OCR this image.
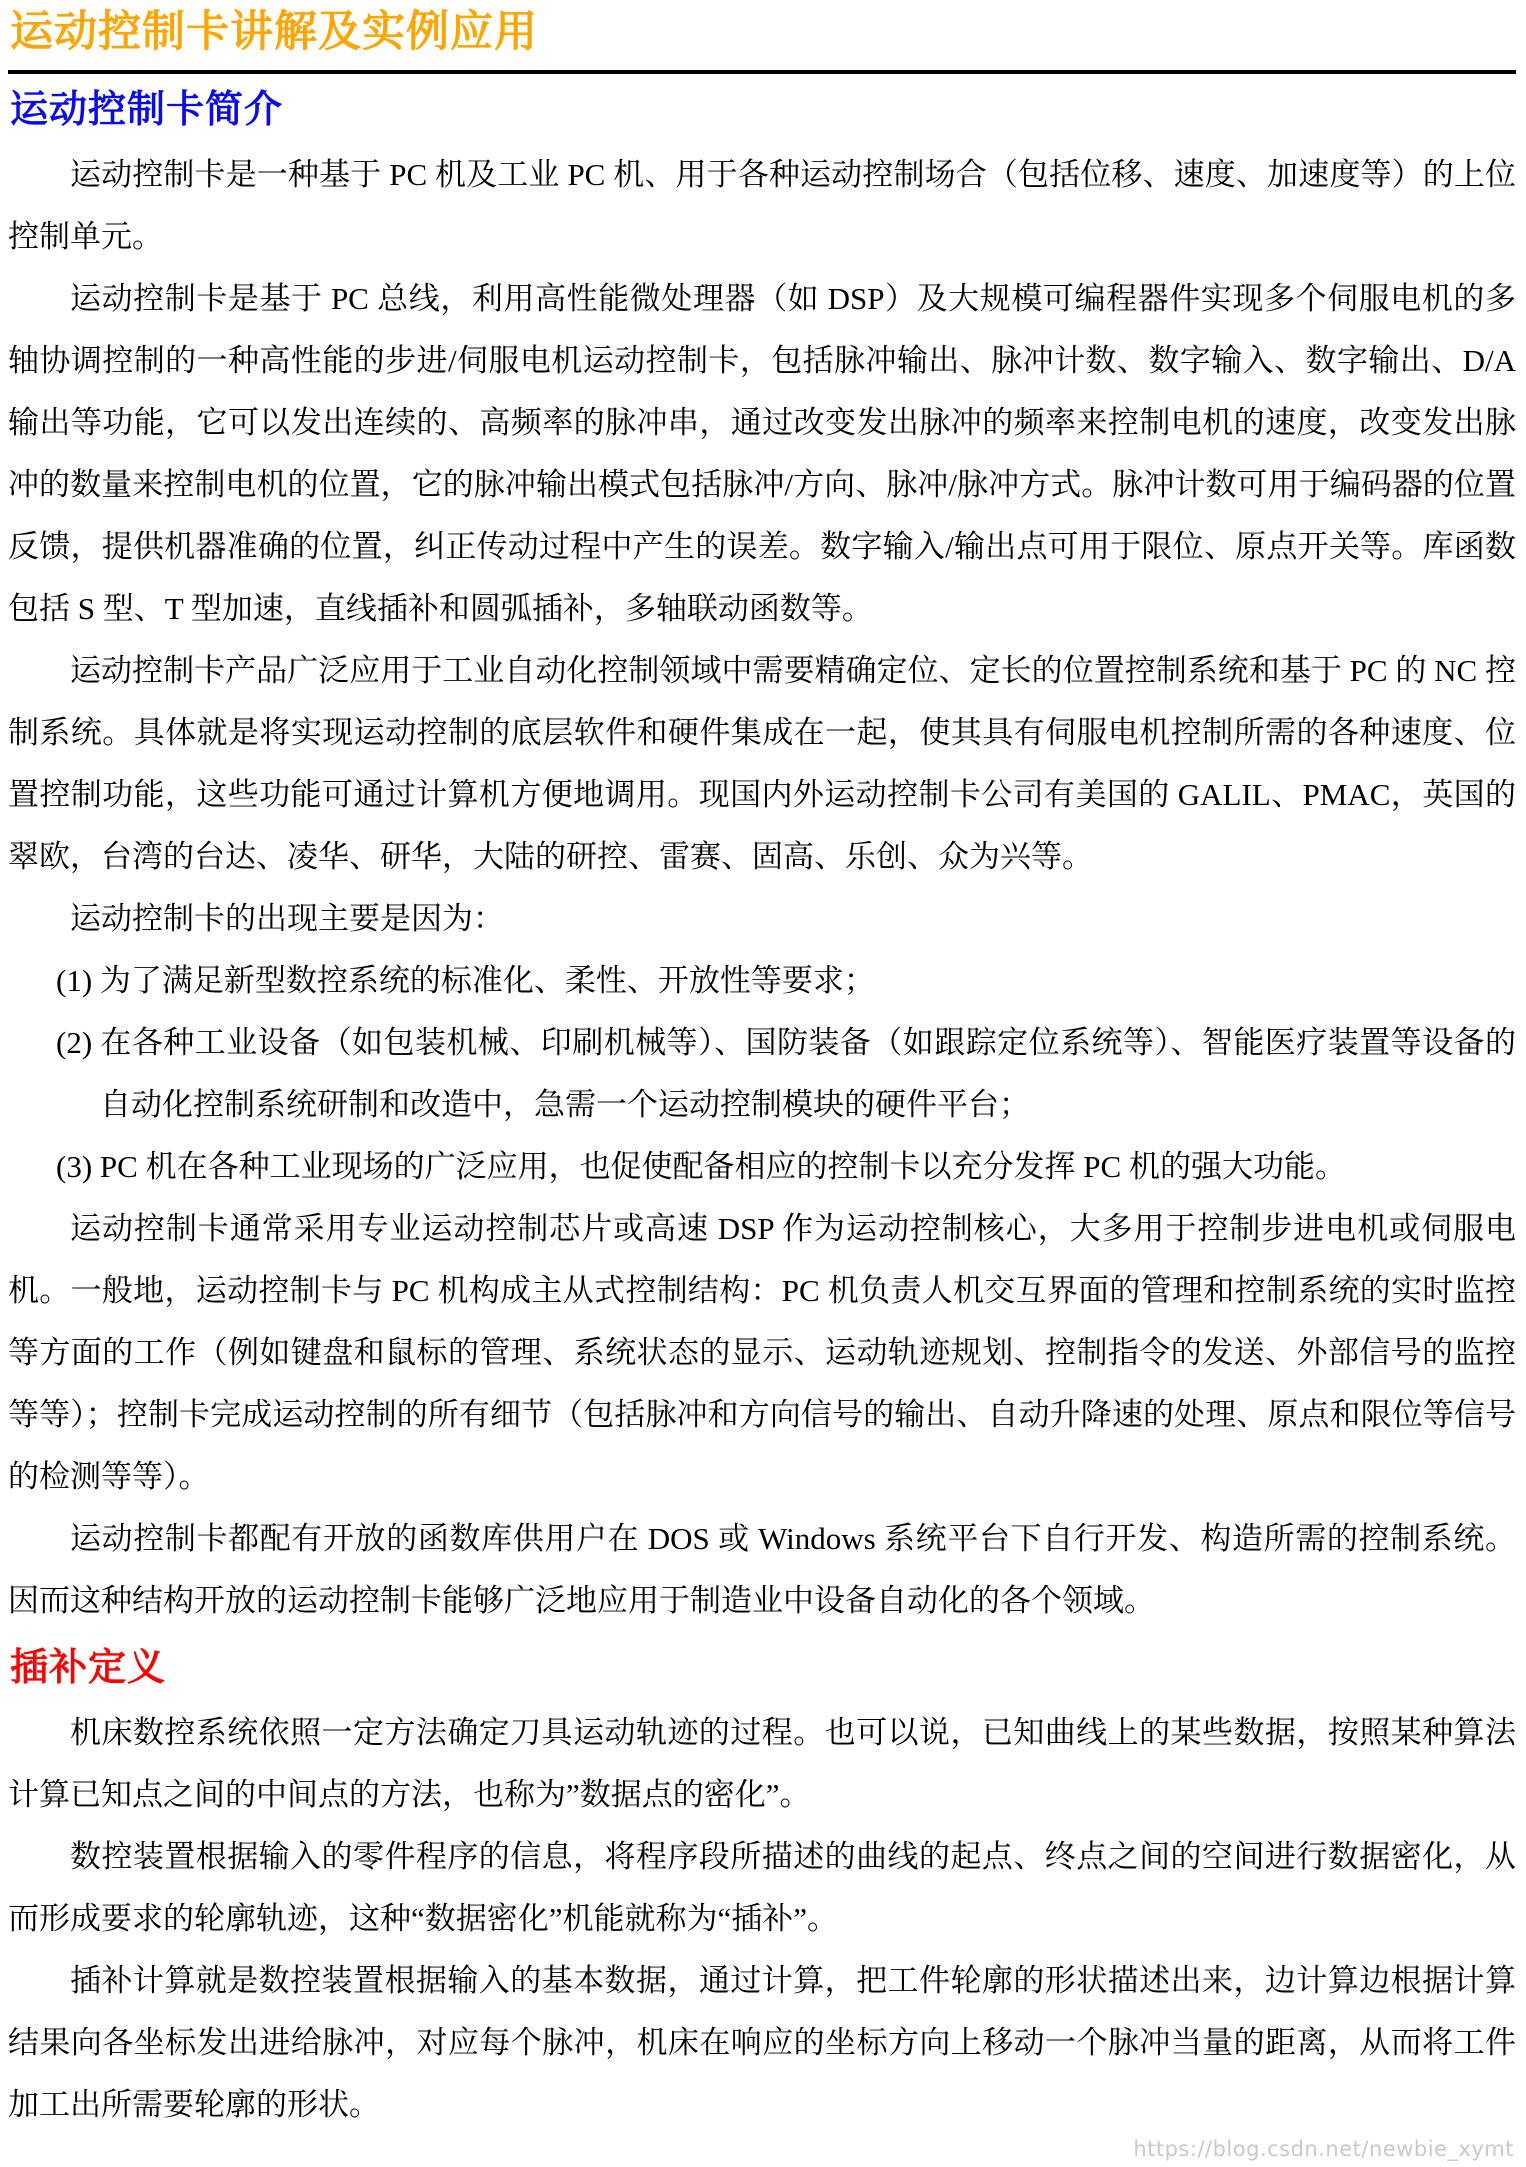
运动控制卡讲解及实例应用
运动控制卡简介

运动控制卡是一种基于 PC 机及工业 PC 机、用于各种运动控制场合（包括位移、速度、加速度等）的上位控制单元。

运动控制卡是基于 PC 总线，利用高性能微处理器（如 DSP）及大规模可编程器件实现多个伺服电机的多轴协调控制的一种高性能的步进/伺服电机运动控制卡，包括脉冲输出、脉冲计数、数字输入、数字输出、D/A 输出等功能，它可以发出连续的、高频率的脉冲串，通过改变发出脉冲的频率来控制电机的速度，改变发出脉冲的数量来控制电机的位置，它的脉冲输出模式包括脉冲/方向、脉冲/脉冲方式。脉冲计数可用于编码器的位置反馈，提供机器准确的位置，纠正传动过程中产生的误差。数字输入/输出点可用于限位、原点开关等。库函数包括 S 型、T 型加速，直线插补和圆弧插补，多轴联动函数等。

运动控制卡产品广泛应用于工业自动化控制领域中需要精确定位、定长的位置控制系统和基于 PC 的 NC 控制系统。具体就是将实现运动控制的底层软件和硬件集成在一起，使其具有伺服电机控制所需的各种速度、位置控制功能，这些功能可通过计算机方便地调用。现国内外运动控制卡公司有美国的 GALIL、PMAC，英国的翠欧，台湾的台达、凌华、研华，大陆的研控、雷赛、固高、乐创、众为兴等。

运动控制卡的出现主要是因为：

(1) 为了满足新型数控系统的标准化、柔性、开放性等要求；

(2) 在各种工业设备（如包装机械、印刷机械等）、国防装备（如跟踪定位系统等）、智能医疗装置等设备的自动化控制系统研制和改造中，急需一个运动控制模块的硬件平台；

(3) PC 机在各种工业现场的广泛应用，也促使配备相应的控制卡以充分发挥 PC 机的强大功能。

运动控制卡通常采用专业运动控制芯片或高速 DSP 作为运动控制核心，大多用于控制步进电机或伺服电机。一般地，运动控制卡与 PC 机构成主从式控制结构：PC 机负责人机交互界面的管理和控制系统的实时监控等方面的工作（例如键盘和鼠标的管理、系统状态的显示、运动轨迹规划、控制指令的发送、外部信号的监控等等）；控制卡完成运动控制的所有细节（包括脉冲和方向信号的输出、自动升降速的处理、原点和限位等信号的检测等等）。

运动控制卡都配有开放的函数库供用户在 DOS 或 Windows 系统平台下自行开发、构造所需的控制系统。因而这种结构开放的运动控制卡能够广泛地应用于制造业中设备自动化的各个领域。

插补定义

机床数控系统依照一定方法确定刀具运动轨迹的过程。也可以说，已知曲线上的某些数据，按照某种算法计算已知点之间的中间点的方法，也称为”数据点的密化”。

数控装置根据输入的零件程序的信息，将程序段所描述的曲线的起点、终点之间的空间进行数据密化，从而形成要求的轮廓轨迹，这种“数据密化”机能就称为“插补”。

插补计算就是数控装置根据输入的基本数据，通过计算，把工件轮廓的形状描述出来，边计算边根据计算结果向各坐标发出进给脉冲，对应每个脉冲，机床在响应的坐标方向上移动一个脉冲当量的距离，从而将工件加工出所需要轮廓的形状。

https://blog.csdn.net/newbie_xymt
